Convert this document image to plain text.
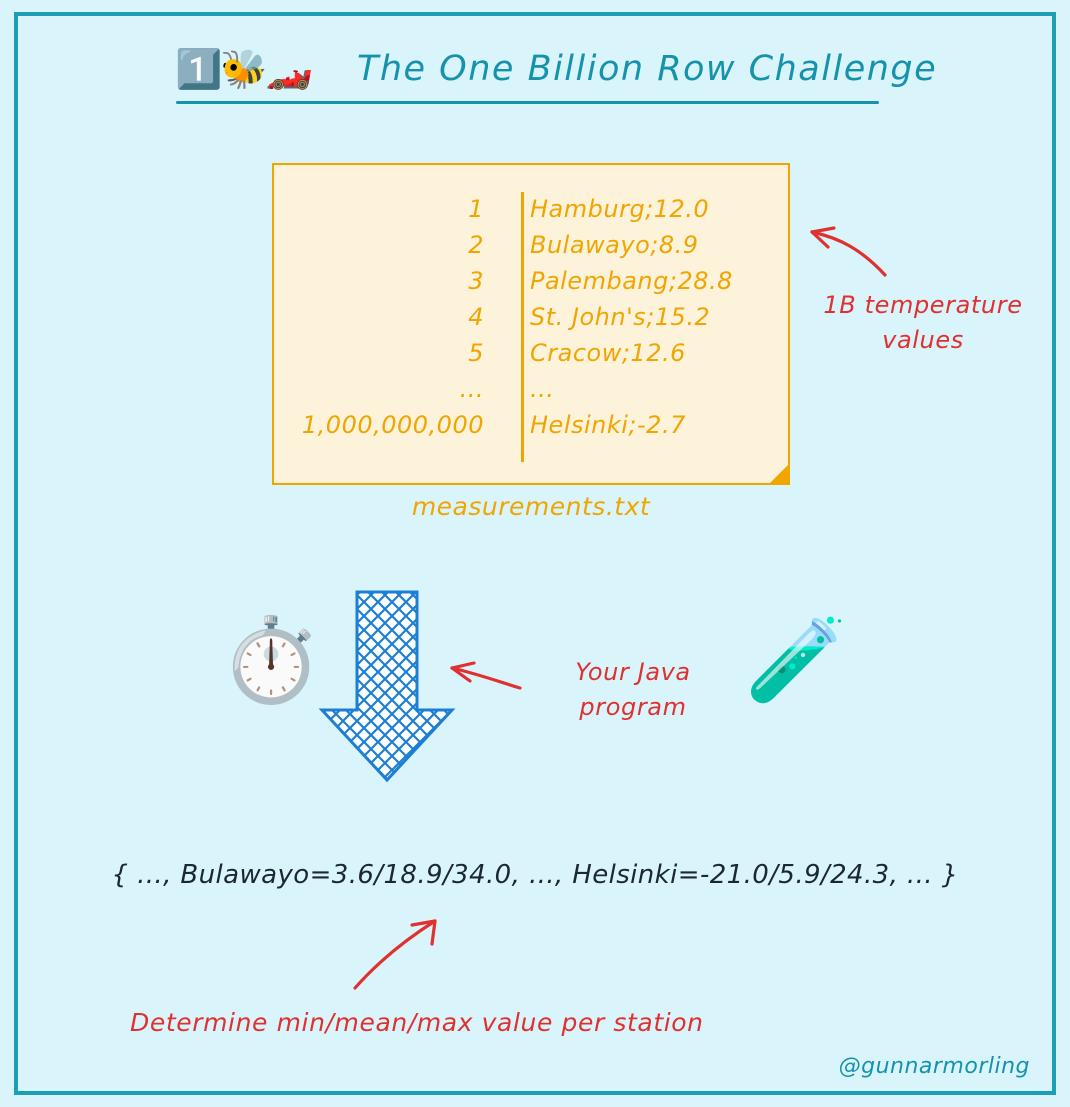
1️⃣🐝🏎️ The One Billion Row Challenge
1	Hamburg;12.0
2	Bulawayo;8.9
3	Palembang;28.8
4	St. John's;15.2
5	Cracow;12.6
...	...
1,000,000,000	Helsinki;-2.7
measurements.txt
1B temperature values
Your Java program
Determine min/mean/max value per station
⏱️	🧪
{ ..., Bulawayo=3.6/18.9/34.0, ..., Helsinki=-21.0/5.9/24.3, ... }
@gunnarmorling
